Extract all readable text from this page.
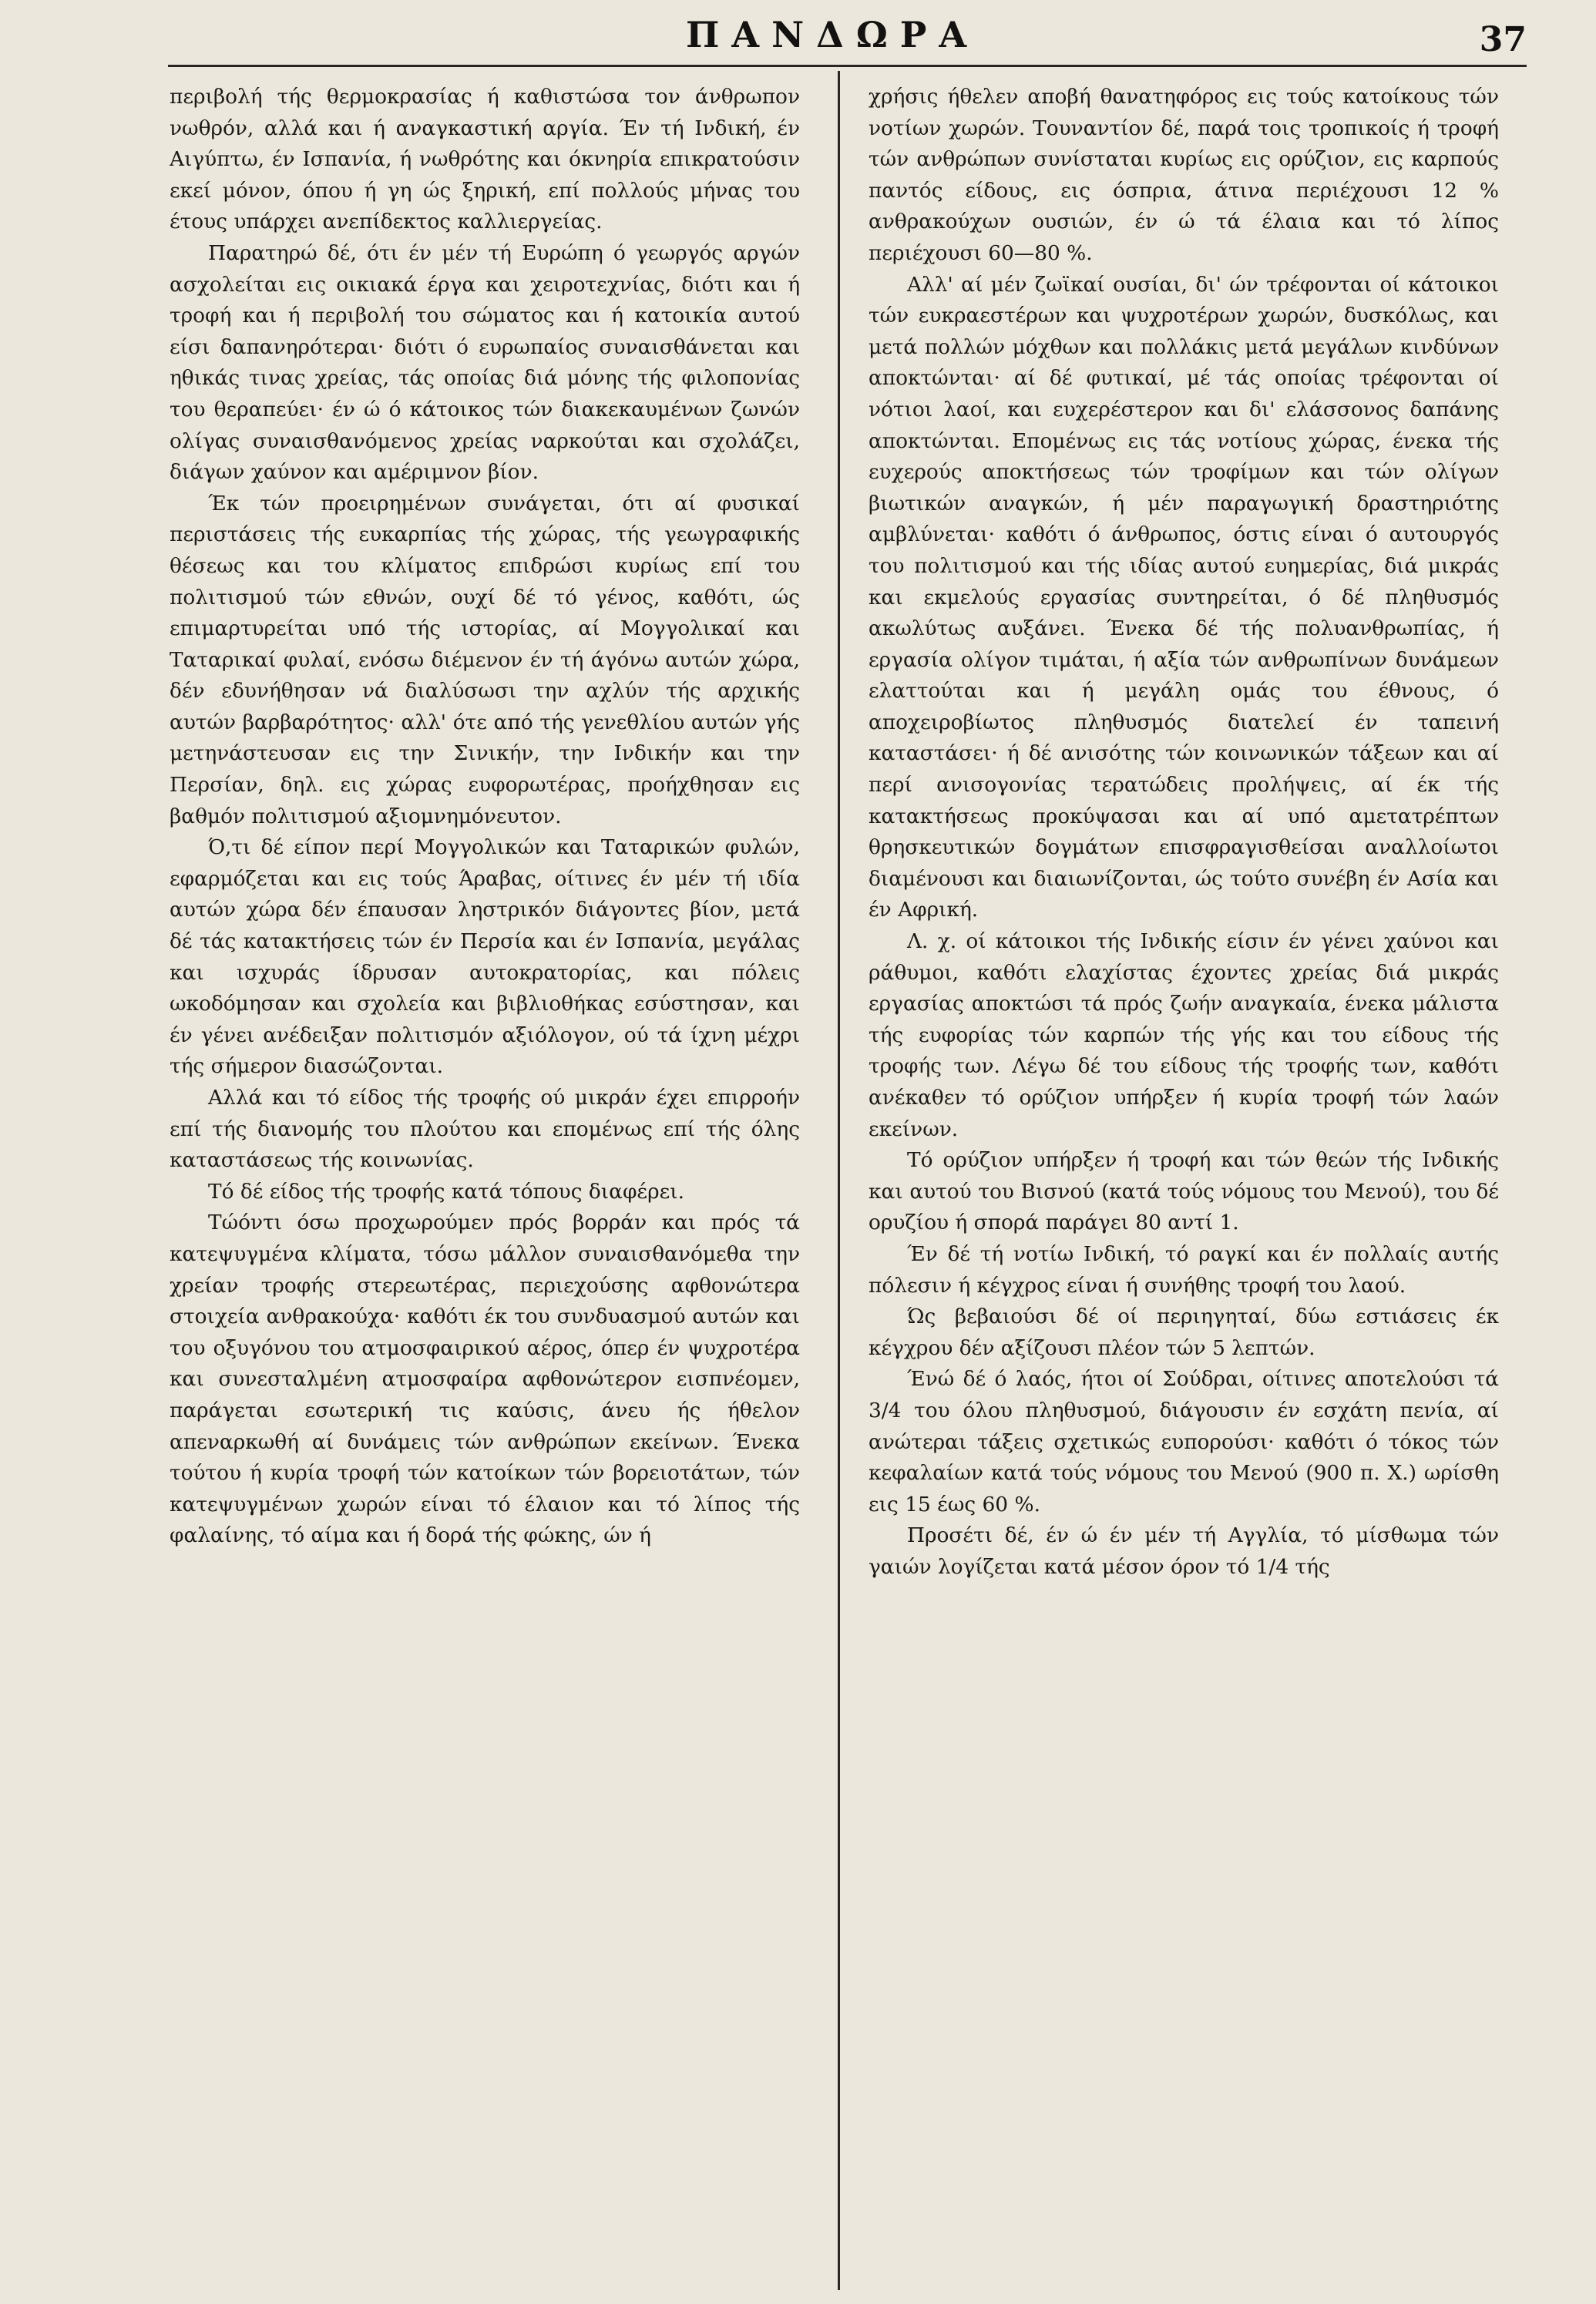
ΠΑΝΔΩΡΑ	37

περιβολή τής θερμοκρασίας ή καθιστώσα τον άνθρωπον νωθρόν, αλλά και ή αναγκαστική αργία. Έν τή Ινδική, έν Αιγύπτω, έν Ισπανία, ή νωθρότης και όκνηρία επικρατούσιν εκεί μόνον, όπου ή γη ώς ξηρική, επί πολλούς μήνας του έτους υπάρχει ανεπίδεκτος καλλιεργείας.

Παρατηρώ δέ, ότι έν μέν τή Ευρώπη ό γεωργός αργών ασχολείται εις οικιακά έργα και χειροτεχνίας, διότι και ή τροφή και ή περιβολή του σώματος και ή κατοικία αυτού είσι δαπανηρότεραι· διότι ό ευρωπαίος συναισθάνεται και ηθικάς τινας χρείας, τάς οποίας διά μόνης τής φιλοπονίας του θεραπεύει· έν ώ ό κάτοικος τών διακεκαυμένων ζωνών ολίγας συναισθανόμενος χρείας ναρκούται και σχολάζει, διάγων χαύνον και αμέριμνον βίον.

Έκ τών προειρημένων συνάγεται, ότι αί φυσικαί περιστάσεις τής ευκαρπίας τής χώρας, τής γεωγραφικής θέσεως και του κλίματος επιδρώσι κυρίως επί του πολιτισμού τών εθνών, ουχί δέ τό γένος, καθότι, ώς επιμαρτυρείται υπό τής ιστορίας, αί Μογγολικαί και Ταταρικαί φυλαί, ενόσω διέμενον έν τή άγόνω αυτών χώρα, δέν εδυνήθησαν νά διαλύσωσι την αχλύν τής αρχικής αυτών βαρβαρότητος· αλλ' ότε από τής γενεθλίου αυτών γής μετηνάστευσαν εις την Σινικήν, την Ινδικήν και την Περσίαν, δηλ. εις χώρας ευφορωτέρας, προήχθησαν εις βαθμόν πολιτισμού αξιομνημόνευτον.

Ό,τι δέ είπον περί Μογγολικών και Ταταρικών φυλών, εφαρμόζεται και εις τούς Άραβας, οίτινες έν μέν τή ιδία αυτών χώρα δέν έπαυσαν ληστρικόν διάγοντες βίον, μετά δέ τάς κατακτήσεις τών έν Περσία και έν Ισπανία, μεγάλας και ισχυράς ίδρυσαν αυτοκρατορίας, και πόλεις ωκοδόμησαν και σχολεία και βιβλιοθήκας εσύστησαν, και έν γένει ανέδειξαν πολιτισμόν αξιόλογον, ού τά ίχνη μέχρι τής σήμερον διασώζονται.

Αλλά και τό είδος τής τροφής ού μικράν έχει επιρροήν επί τής διανομής του πλούτου και επομένως επί τής όλης καταστάσεως τής κοινωνίας.

Τό δέ είδος τής τροφής κατά τόπους διαφέρει.

Τώόντι όσω προχωρούμεν πρός βορράν και πρός τά κατεψυγμένα κλίματα, τόσω μάλλον συναισθανόμεθα την χρείαν τροφής στερεωτέρας, περιεχούσης αφθονώτερα στοιχεία ανθρακούχα· καθότι έκ του συνδυασμού αυτών και του οξυγόνου του ατμοσφαιρικού αέρος, όπερ έν ψυχροτέρα και συνεσταλμένη ατμοσφαίρα αφθονώτερον εισπνέομεν, παράγεται εσωτερική τις καύσις, άνευ ής ήθελον απεναρκωθή αί δυνάμεις τών ανθρώπων εκείνων. Ένεκα τούτου ή κυρία τροφή τών κατοίκων τών βορειοτάτων, τών κατεψυγμένων χωρών είναι τό έλαιον και τό λίπος τής φαλαίνης, τό αίμα και ή δορά τής φώκης, ών ή

χρήσις ήθελεν αποβή θανατηφόρος εις τούς κατοίκους τών νοτίων χωρών. Τουναντίον δέ, παρά τοις τροπικοίς ή τροφή τών ανθρώπων συνίσταται κυρίως εις ορύζιον, εις καρπούς παντός είδους, εις όσπρια, άτινα περιέχουσι 12 % ανθρακούχων ουσιών, έν ώ τά έλαια και τό λίπος περιέχουσι 60—80 %.

Αλλ' αί μέν ζωϊκαί ουσίαι, δι' ών τρέφονται οί κάτοικοι τών ευκραεστέρων και ψυχροτέρων χωρών, δυσκόλως, και μετά πολλών μόχθων και πολλάκις μετά μεγάλων κινδύνων αποκτώνται· αί δέ φυτικαί, μέ τάς οποίας τρέφονται οί νότιοι λαοί, και ευχερέστερον και δι' ελάσσονος δαπάνης αποκτώνται. Επομένως εις τάς νοτίους χώρας, ένεκα τής ευχερούς αποκτήσεως τών τροφίμων και τών ολίγων βιωτικών αναγκών, ή μέν παραγωγική δραστηριότης αμβλύνεται· καθότι ό άνθρωπος, όστις είναι ό αυτουργός του πολιτισμού και τής ιδίας αυτού ευημερίας, διά μικράς και εκμελούς εργασίας συντηρείται, ό δέ πληθυσμός ακωλύτως αυξάνει. Ένεκα δέ τής πολυανθρωπίας, ή εργασία ολίγον τιμάται, ή αξία τών ανθρωπίνων δυνάμεων ελαττούται και ή μεγάλη ομάς του έθνους, ό αποχειροβίωτος πληθυσμός διατελεί έν ταπεινή καταστάσει· ή δέ ανισότης τών κοινωνικών τάξεων και αί περί ανισογονίας τερατώδεις προλήψεις, αί έκ τής κατακτήσεως προκύψασαι και αί υπό αμετατρέπτων θρησκευτικών δογμάτων επισφραγισθείσαι αναλλοίωτοι διαμένουσι και διαιωνίζονται, ώς τούτο συνέβη έν Ασία και έν Αφρική.

Λ. χ. οί κάτοικοι τής Ινδικής είσιν έν γένει χαύνοι και ράθυμοι, καθότι ελαχίστας έχοντες χρείας διά μικράς εργασίας αποκτώσι τά πρός ζωήν αναγκαία, ένεκα μάλιστα τής ευφορίας τών καρπών τής γής και του είδους τής τροφής των. Λέγω δέ του είδους τής τροφής των, καθότι ανέκαθεν τό ορύζιον υπήρξεν ή κυρία τροφή τών λαών εκείνων.

Τό ορύζιον υπήρξεν ή τροφή και τών θεών τής Ινδικής και αυτού του Βισνού (κατά τούς νόμους του Μενού), του δέ ορυζίου ή σπορά παράγει 80 αντί 1.

Έν δέ τή νοτίω Ινδική, τό ραγκί και έν πολλαίς αυτής πόλεσιν ή κέγχρος είναι ή συνήθης τροφή του λαού.

Ώς βεβαιούσι δέ οί περιηγηταί, δύω εστιάσεις έκ κέγχρου δέν αξίζουσι πλέον τών 5 λεπτών.

Ένώ δέ ό λαός, ήτοι οί Σούδραι, οίτινες αποτελούσι τά 3/4 του όλου πληθυσμού, διάγουσιν έν εσχάτη πενία, αί ανώτεραι τάξεις σχετικώς ευπορούσι· καθότι ό τόκος τών κεφαλαίων κατά τούς νόμους του Μενού (900 π. Χ.) ωρίσθη εις 15 έως 60 %.

Προσέτι δέ, έν ώ έν μέν τή Αγγλία, τό μίσθωμα τών γαιών λογίζεται κατά μέσον όρον τό 1/4 τής
